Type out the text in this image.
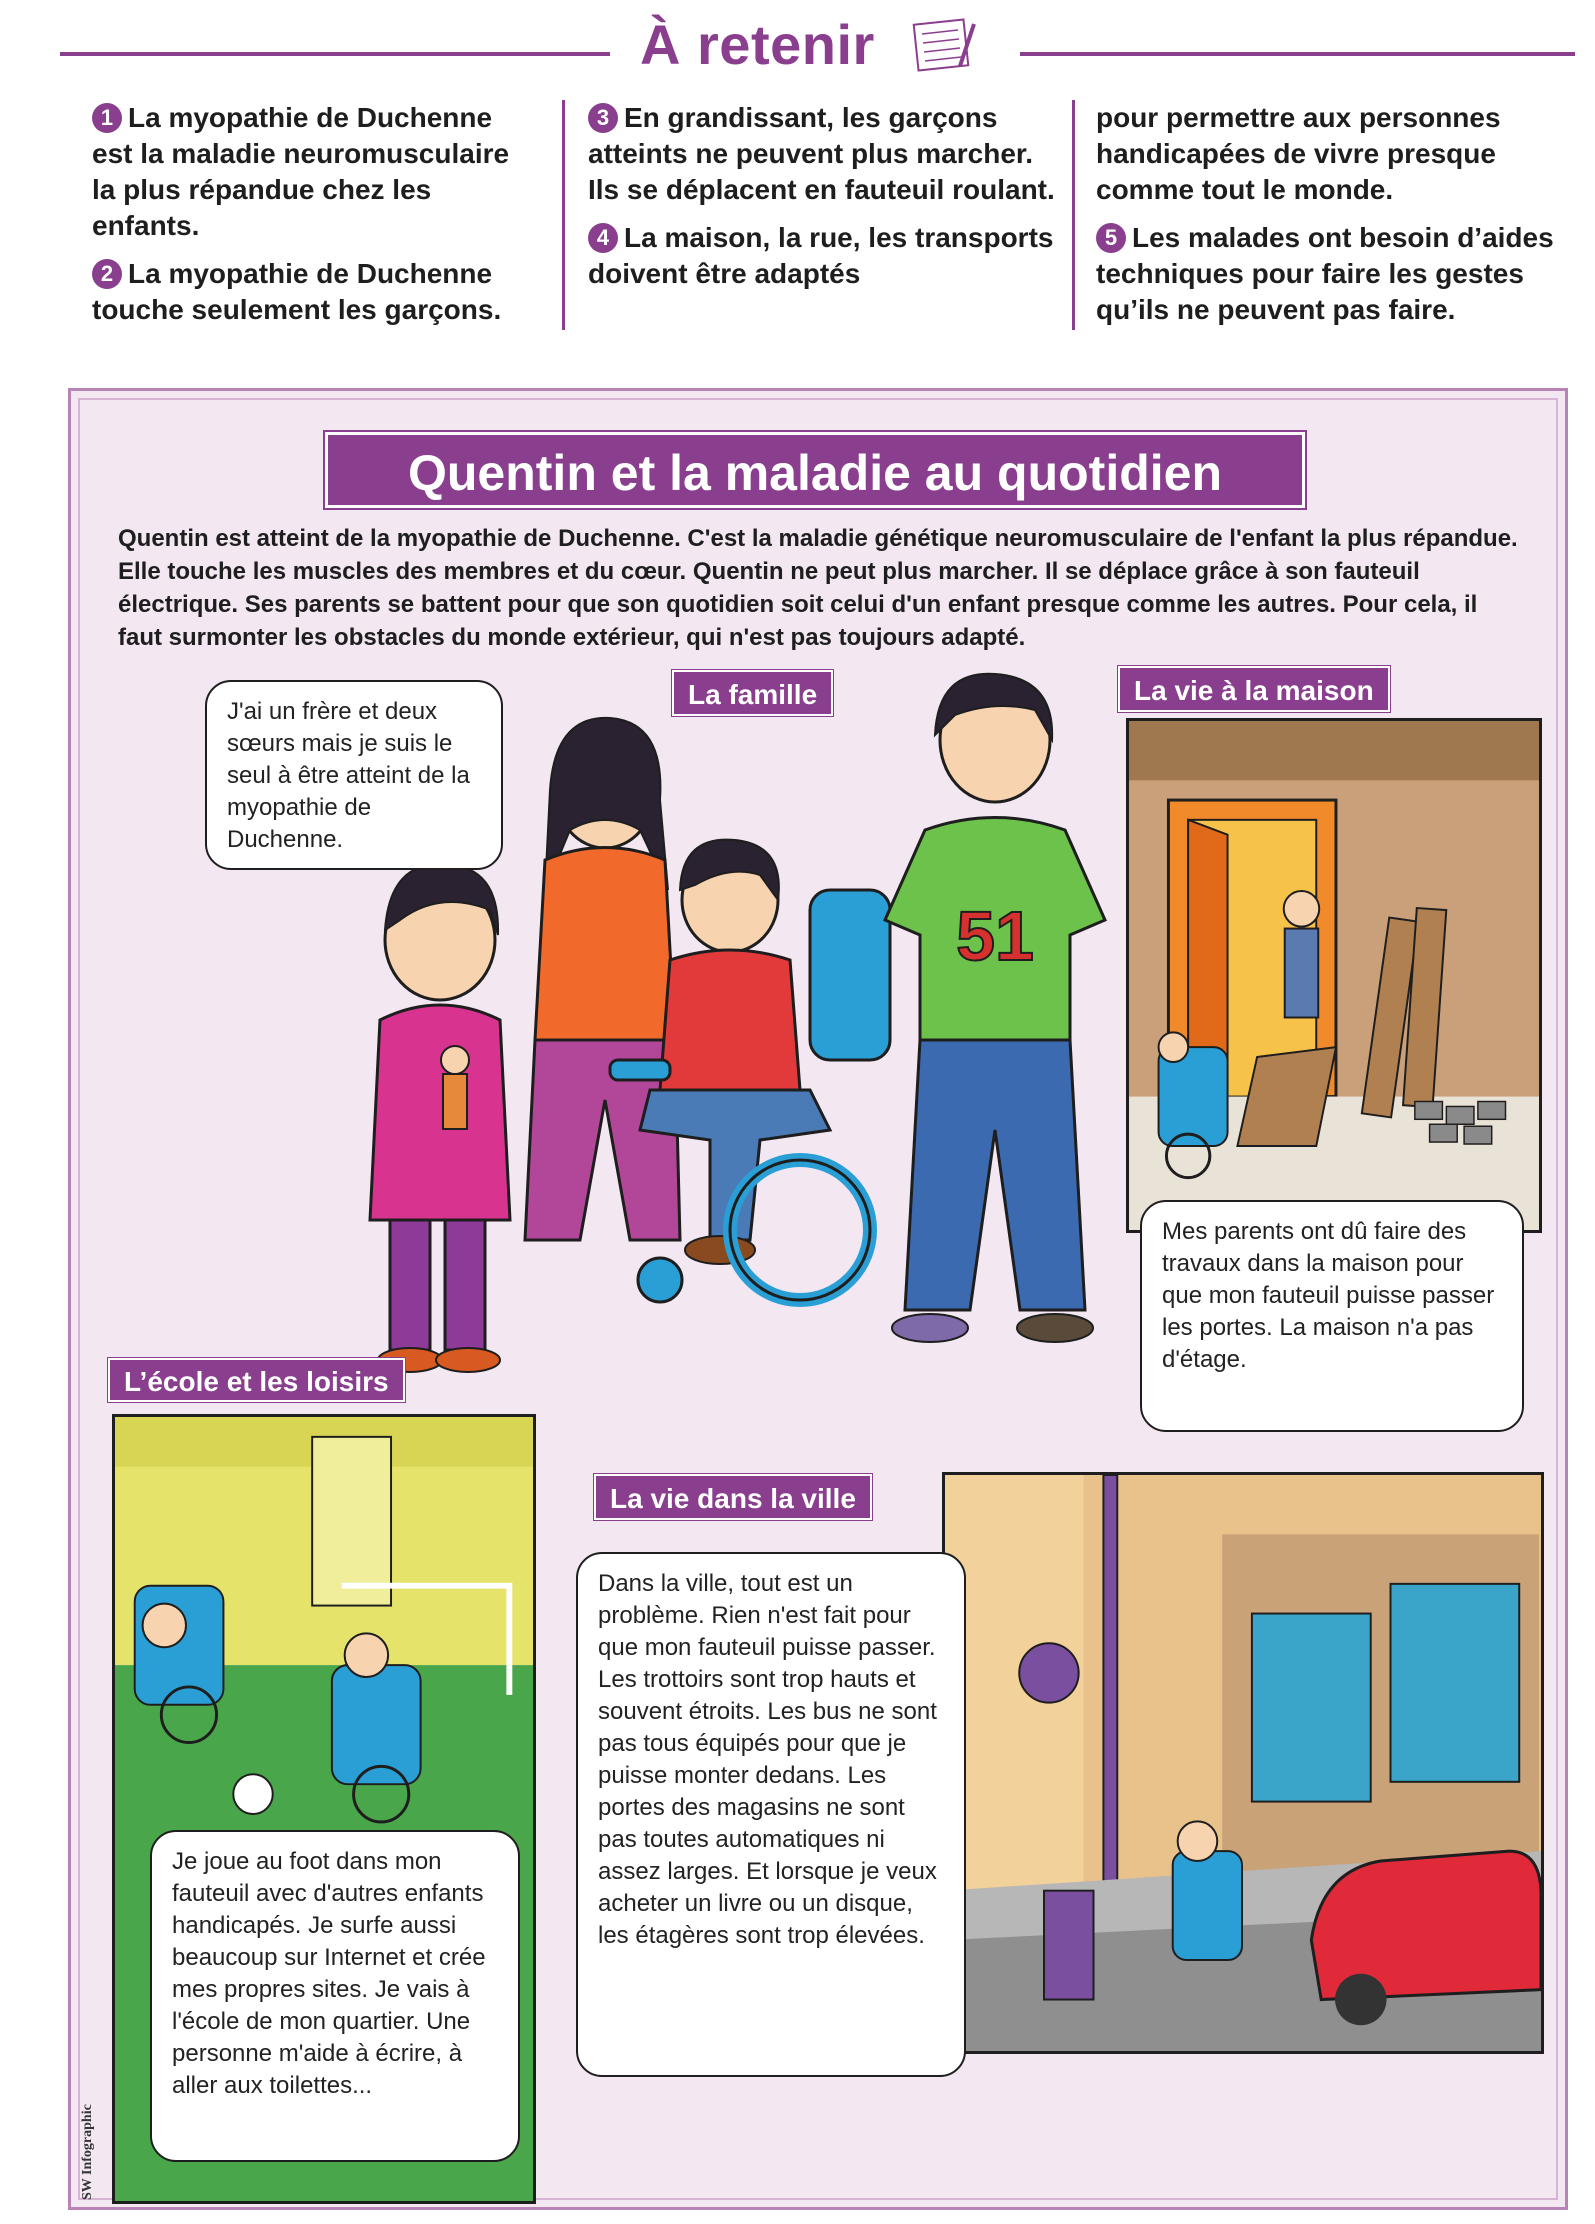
À retenir

1 La myopathie de Duchenne est la maladie neuromusculaire la plus répandue chez les enfants.

2 La myopathie de Duchenne touche seulement les garçons.

3 En grandissant, les garçons atteints ne peuvent plus marcher. Ils se déplacent en fauteuil roulant.

4 La maison, la rue, les transports doivent être adaptés

pour permettre aux personnes handicapées de vivre presque comme tout le monde.

5 Les malades ont besoin d’aides techniques pour faire les gestes qu’ils ne peuvent pas faire.

Quentin et la maladie au quotidien
Quentin est atteint de la myopathie de Duchenne. C'est la maladie génétique neuromusculaire de l'enfant la plus répandue. Elle touche les muscles des membres et du cœur. Quentin ne peut plus marcher. Il se déplace grâce à son fauteuil électrique. Ses parents se battent pour que son quotidien soit celui d'un enfant presque comme les autres. Pour cela, il faut surmonter les obstacles du monde extérieur, qui n'est pas toujours adapté.
51
La famille
J'ai un frère et deux sœurs mais je suis le seul à être atteint de la myopathie de Duchenne.
La vie à la maison
Mes parents ont dû faire des travaux dans la maison pour que mon fauteuil puisse passer les portes. La maison n'a pas d'étage.
L’école et les loisirs
Je joue au foot dans mon fauteuil avec d'autres enfants handicapés. Je surfe aussi beaucoup sur Internet et crée mes propres sites. Je vais à l'école de mon quartier. Une personne m'aide à écrire, à aller aux toilettes...
La vie dans la ville
Dans la ville, tout est un problème. Rien n'est fait pour que mon fauteuil puisse passer. Les trottoirs sont trop hauts et souvent étroits. Les bus ne sont pas tous équipés pour que je puisse monter dedans. Les portes des magasins ne sont pas toutes automatiques ni assez larges. Et lorsque je veux acheter un livre ou un disque, les étagères sont trop élevées.
SW Infographic
